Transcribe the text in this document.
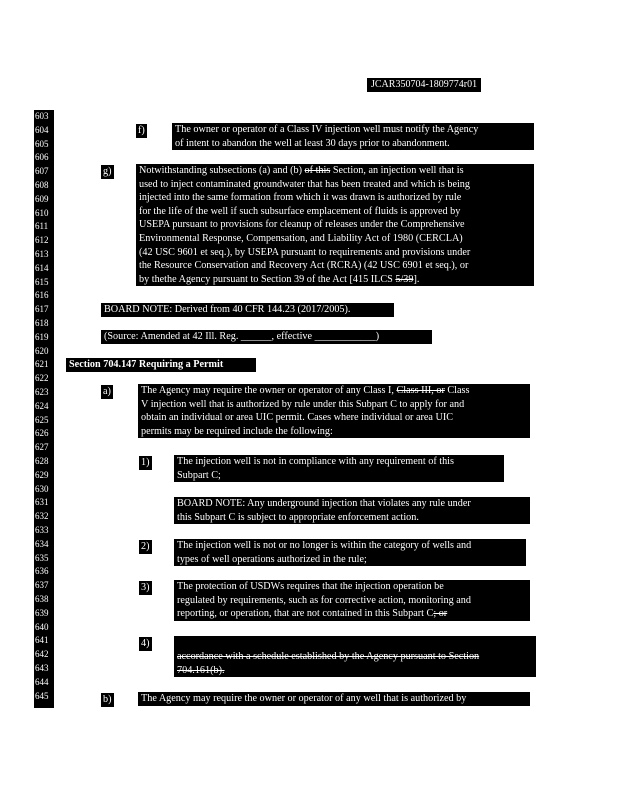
JCAR350704-1809774r01
603
604
605
606
607
608
609
610
611
612
613
614
615
616
617
618
619
620
621
622
623
624
625
626
627
628
629
630
631
632
633
634
635
636
637
638
639
640
641
642
643
644
645
f)	The owner or operator of a Class IV injection well must notify the Agency
of intent to abandon the well at least 30 days prior to abandonment.
g)	Notwithstanding subsections (a) and (b) of this Section, an injection well that is
used to inject contaminated groundwater that has been treated and which is being
injected into the same formation from which it was drawn is authorized by rule
for the life of the well if such subsurface emplacement of fluids is approved by
USEPA pursuant to provisions for cleanup of releases under the Comprehensive
Environmental Response, Compensation, and Liability Act of 1980 (CERCLA)
(42 USC 9601 et seq.), by USEPA pursuant to requirements and provisions under
the Resource Conservation and Recovery Act (RCRA) (42 USC 6901 et seq.), or
by thethe Agency pursuant to Section 39 of the Act [415 ILCS 5/39].
BOARD NOTE: Derived from 40 CFR 144.23 (2017/2005).
(Source: Amended at 42 Ill. Reg. ______, effective ____________)
Section 704.147 Requiring a Permit
a)	The Agency may require the owner or operator of any Class I, Class III, or Class
V injection well that is authorized by rule under this Subpart C to apply for and
obtain an individual or area UIC permit. Cases where individual or area UIC
permits may be required include the following:
1)	The injection well is not in compliance with any requirement of this
Subpart C;
BOARD NOTE: Any underground injection that violates any rule under
this Subpart C is subject to appropriate enforcement action.
2)	The injection well is not or no longer is within the category of wells and
types of well operations authorized in the rule;
3)	The protection of USDWs requires that the injection operation be
regulated by requirements, such as for corrective action, monitoring and
reporting, or operation, that are not contained in this Subpart C; or
4)
accordance with a schedule established by the Agency pursuant to Section
704.161(b).
b)	The Agency may require the owner or operator of any well that is authorized by
